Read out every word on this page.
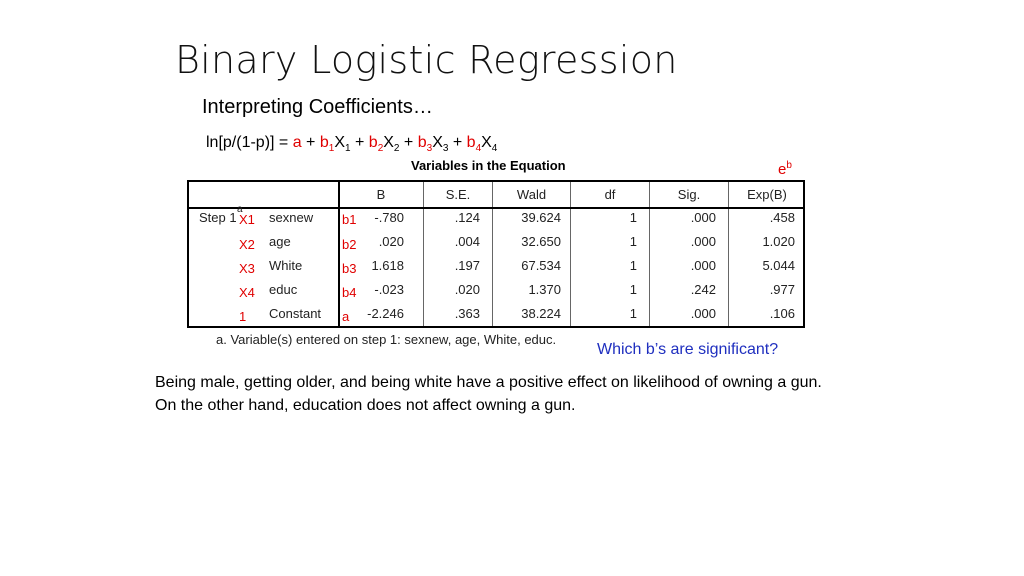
Binary Logistic Regression
Interpreting Coefficients…
$\ln[p/(1-p)] = a + b_1X_1 + b_2X_2 + b_3X_3 + b_4X_4$
Variables in the Equation	$e^b$
B	S.E.	Wald	df	Sig.	Exp(B)
Step 1
a
X1 sexnew b1	-.780	.124	39.624	1	.000	.458
X2 age	b2	.020	.004	32.650	1	.000	1.020
X3 White	b3	1.618	.197	67.534	1	.000	5.044
X4 educ	b4	-.023	.020	1.370	1	.242	.977
1 Constant a	-2.246	.363	38.224	1	.000	.106
a. Variable(s) entered on step 1: sexnew, age, White, educ.
Which b’s are significant?
Being male, getting older, and being white have a positive effect on likelihood of owning a gun. On the other hand, education does not affect owning a gun.
